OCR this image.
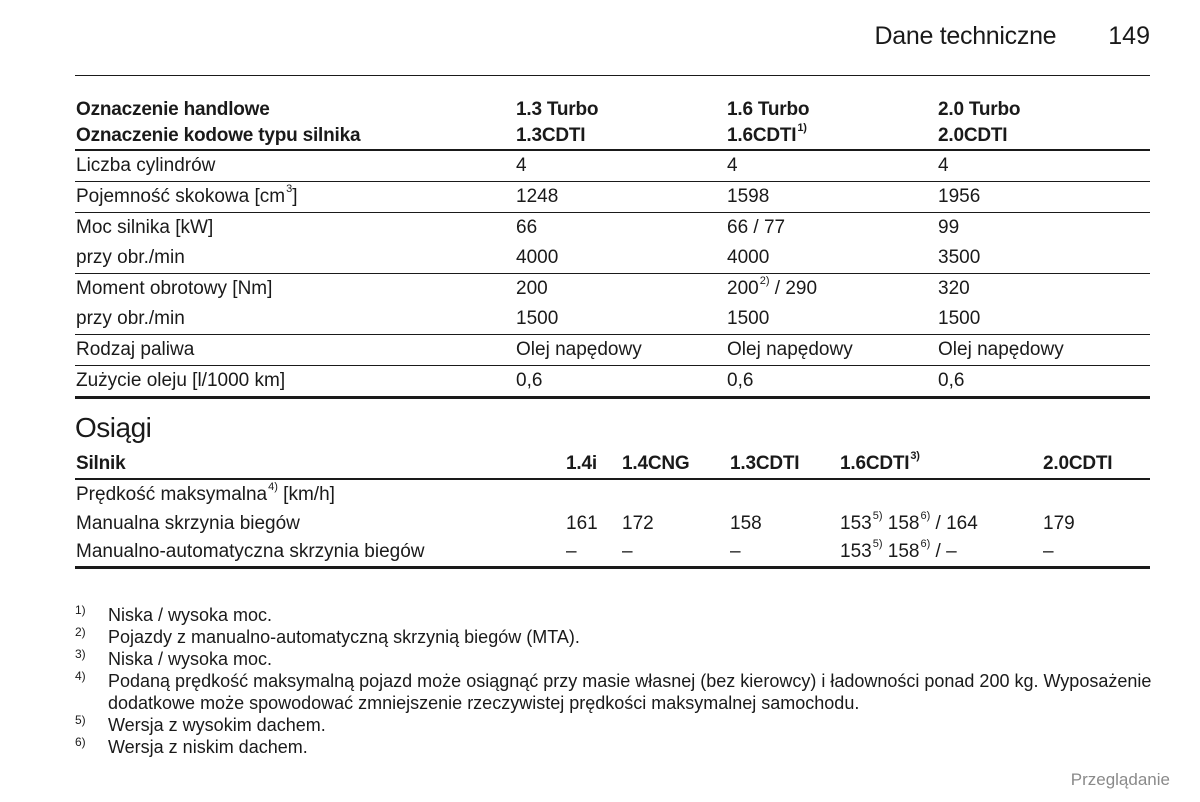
Dane techniczne 149
Oznaczenie handlowe	1.3 Turbo	1.6 Turbo	2.0 Turbo
Oznaczenie kodowe typu silnika	1.3CDTI	1.6CDTI$^{1)}$	2.0CDTI
Liczba cylindrów	4	4	4
Pojemność skokowa $[cm^3]$	1248	1598	1956
Moc silnika [kW]	66	66 / 77	99
przy obr./min	4000	4000	3500
Moment obrotowy [Nm]	200	200$^{2)}$ / 290	320
przy obr./min	1500	1500	1500
Rodzaj paliwa	Olej napędowy	Olej napędowy	Olej napędowy
Zużycie oleju [l/1000 km]	0,6	0,6	0,6
Osiągi
Silnik	1.4i	1.4CNG	1.3CDTI	1.6CDTI$^{3)}$	2.0CDTI
Prędkość maksymalna$^{4)}$ [km/h]					
Manualna skrzynia biegów	161	172	158	153$^{5)}$ 158$^{6)}$ / 164	179
Manualno-automatyczna skrzynia biegów	–	–	–	153$^{5)}$ 158$^{6)}$ / –	–
1)	Niska / wysoka moc.
2)	Pojazdy z manualno-automatyczną skrzynią biegów (MTA).
3)	Niska / wysoka moc.
4)	Podaną prędkość maksymalną pojazd może osiągnąć przy masie własnej (bez kierowcy) i ładowności ponad 200 kg. Wyposażenie dodatkowe może spowodować zmniejszenie rzeczywistej prędkości maksymalnej samochodu.
5)	Wersja z wysokim dachem.
6)	Wersja z niskim dachem.
Przeglądanie
